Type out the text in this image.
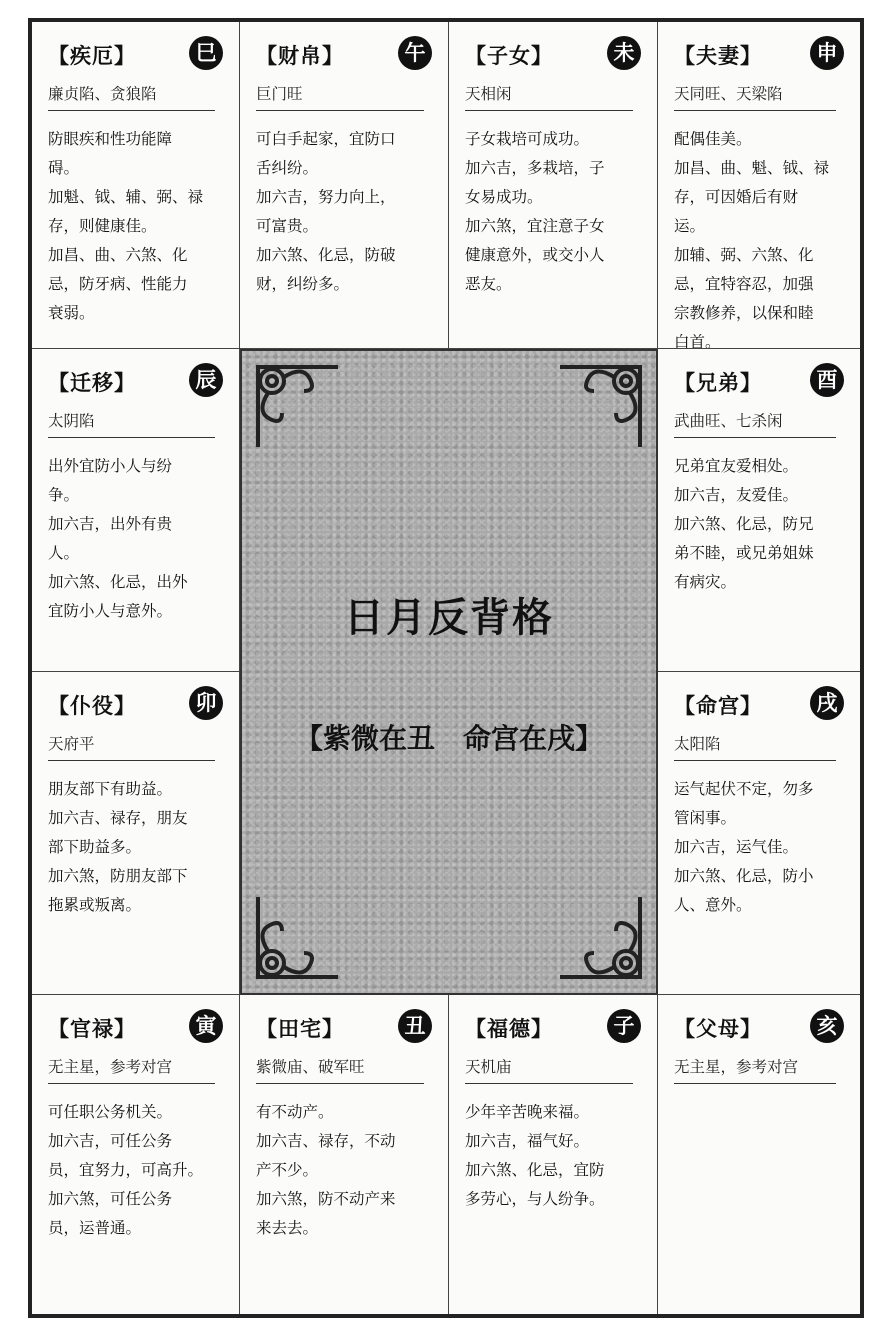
【疾厄】	巳
廉贞陷、贪狼陷
防眼疾和性功能障
碍。
加魁、钺、辅、弼、禄
存，则健康佳。
加昌、曲、六煞、化
忌，防牙病、性能力
衰弱。
【财帛】	午
巨门旺
可白手起家，宜防口
舌纠纷。
加六吉，努力向上，
可富贵。
加六煞、化忌，防破
财，纠纷多。
【子女】	未
天相闲
子女栽培可成功。
加六吉，多栽培，子
女易成功。
加六煞，宜注意子女
健康意外，或交小人
恶友。
【夫妻】	申
天同旺、天梁陷
配偶佳美。
加昌、曲、魁、钺、禄
存，可因婚后有财
运。
加辅、弼、六煞、化
忌，宜特容忍，加强
宗教修养，以保和睦
白首。
【迁移】	辰
太阴陷
出外宜防小人与纷
争。
加六吉，出外有贵
人。
加六煞、化忌，出外
宜防小人与意外。
【兄弟】	酉
武曲旺、七杀闲
兄弟宜友爱相处。
加六吉，友爱佳。
加六煞、化忌，防兄
弟不睦，或兄弟姐妹
有病灾。
【仆役】	卯
天府平
朋友部下有助益。
加六吉、禄存，朋友
部下助益多。
加六煞，防朋友部下
拖累或叛离。
【命宫】	戌
太阳陷
运气起伏不定，勿多
管闲事。
加六吉，运气佳。
加六煞、化忌，防小
人、意外。
【官禄】	寅
无主星，参考对宫
可任职公务机关。
加六吉，可任公务
员，宜努力，可高升。
加六煞，可任公务
员，运普通。
【田宅】	丑
紫微庙、破军旺
有不动产。
加六吉、禄存，不动
产不少。
加六煞，防不动产来
来去去。
【福德】	子
天机庙
少年辛苦晚来福。
加六吉，福气好。
加六煞、化忌，宜防
多劳心，与人纷争。
【父母】	亥
无主星，参考对宫
日月反背格
【紫微在丑　命宫在戌】
